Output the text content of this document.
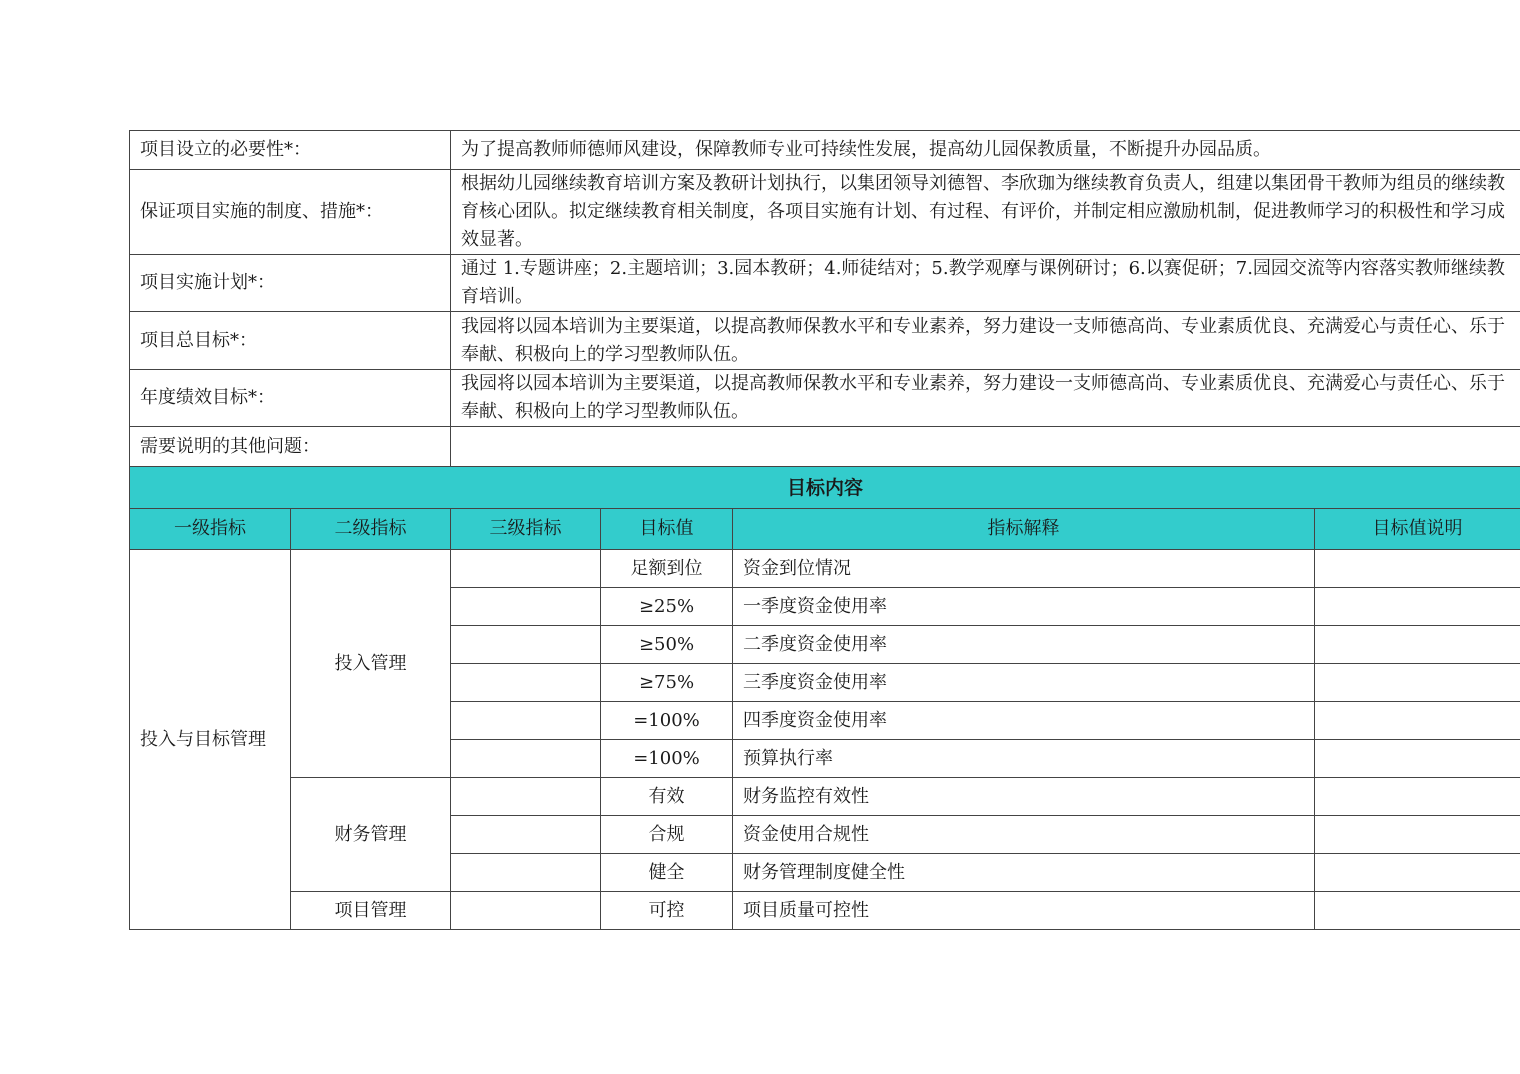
项目设立的必要性*：		为了提高教师师德师风建设，保障教师专业可持续性发展，提高幼儿园保教质量，不断提升办园品质。			
保证项目实施的制度、措施*：		根据幼儿园继续教育培训方案及教研计划执行，以集团领导刘德智、李欣珈为继续教育负责人，组建以集团骨干教师为组员的继续教育核心团队。拟定继续教育相关制度，各项目实施有计划、有过程、有评价，并制定相应激励机制，促进教师学习的积极性和学习成效显著。			
项目实施计划*：		通过 1.专题讲座；2.主题培训；3.园本教研；4.师徒结对；5.教学观摩与课例研讨；6.以赛促研；7.园园交流等内容落实教师继续教育培训。			
项目总目标*：		我园将以园本培训为主要渠道，以提高教师保教水平和专业素养，努力建设一支师德高尚、专业素质优良、充满爱心与责任心、乐于奉献、积极向上的学习型教师队伍。			
年度绩效目标*：		我园将以园本培训为主要渠道，以提高教师保教水平和专业素养，努力建设一支师德高尚、专业素质优良、充满爱心与责任心、乐于奉献、积极向上的学习型教师队伍。			
需要说明的其他问题：					
目标内容					
一级指标	二级指标	三级指标	目标值	指标解释	目标值说明
投入与目标管理	投入管理		足额到位	资金到位情况	
			≥25%	一季度资金使用率	
			≥50%	二季度资金使用率	
			≥75%	三季度资金使用率	
			=100%	四季度资金使用率	
			=100%	预算执行率	
	财务管理		有效	财务监控有效性	
			合规	资金使用合规性	
			健全	财务管理制度健全性	
	项目管理		可控	项目质量可控性	
